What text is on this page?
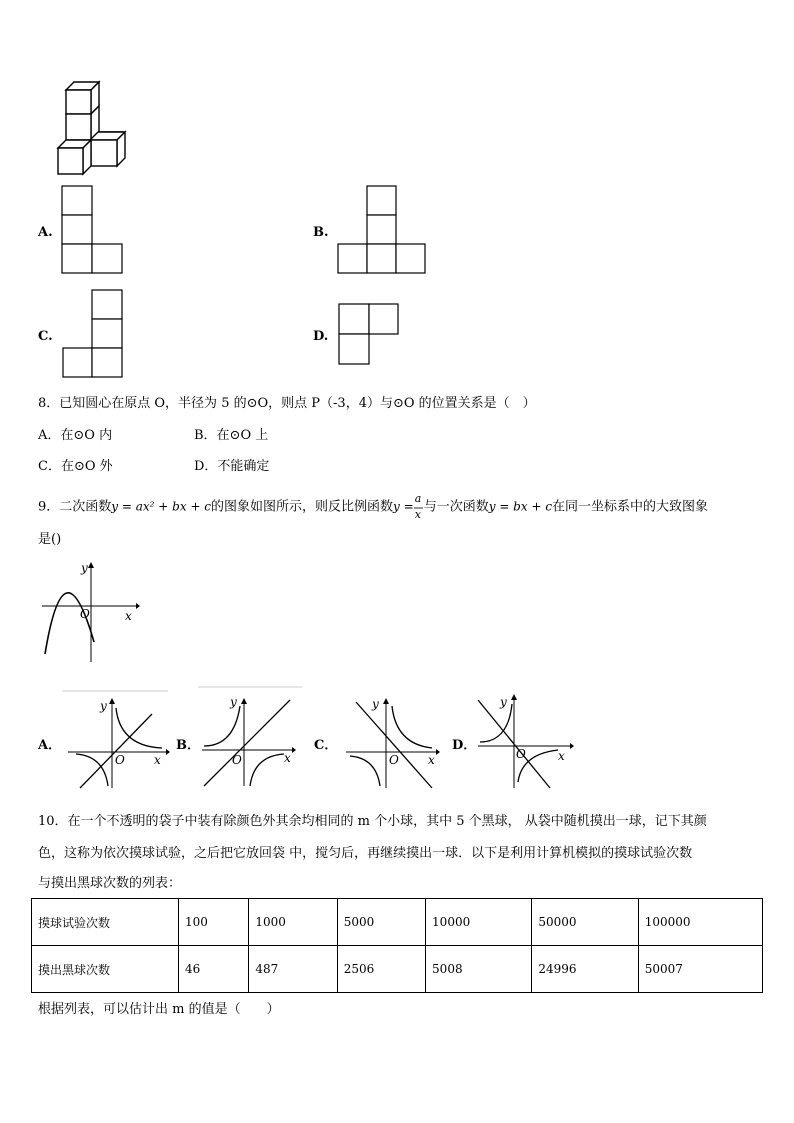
A.	B.
C.	D.
8．已知圆心在原点 O，半径为 5 的⊙O，则点 P（-3，4）与⊙O 的位置关系是（　）
A．在⊙O 内	B．在⊙O 上
C．在⊙O 外	D．不能确定
9．二次函数y = ax² + bx + c的图象如图所示，则反比例函数y =
a
x 与一次函数y = bx + c在同一坐标系中的大致图象
是()
y
x
O
A．
y
x
O
B．
y
x
O
C．
y
x
O
D．
y
x
O
10．在一个不透明的袋子中装有除颜色外其余均相同的 m 个小球，其中 5 个黑球， 从袋中随机摸出一球，记下其颜
色，这称为依次摸球试验，之后把它放回袋 中，搅匀后，再继续摸出一球．以下是利用计算机模拟的摸球试验次数
与摸出黑球次数的列表：
摸球试验次数	100	1000	5000	10000	50000	100000
摸出黑球次数	46	487	2506	5008	24996	50007
根据列表，可以估计出 m 的值是（　　）
